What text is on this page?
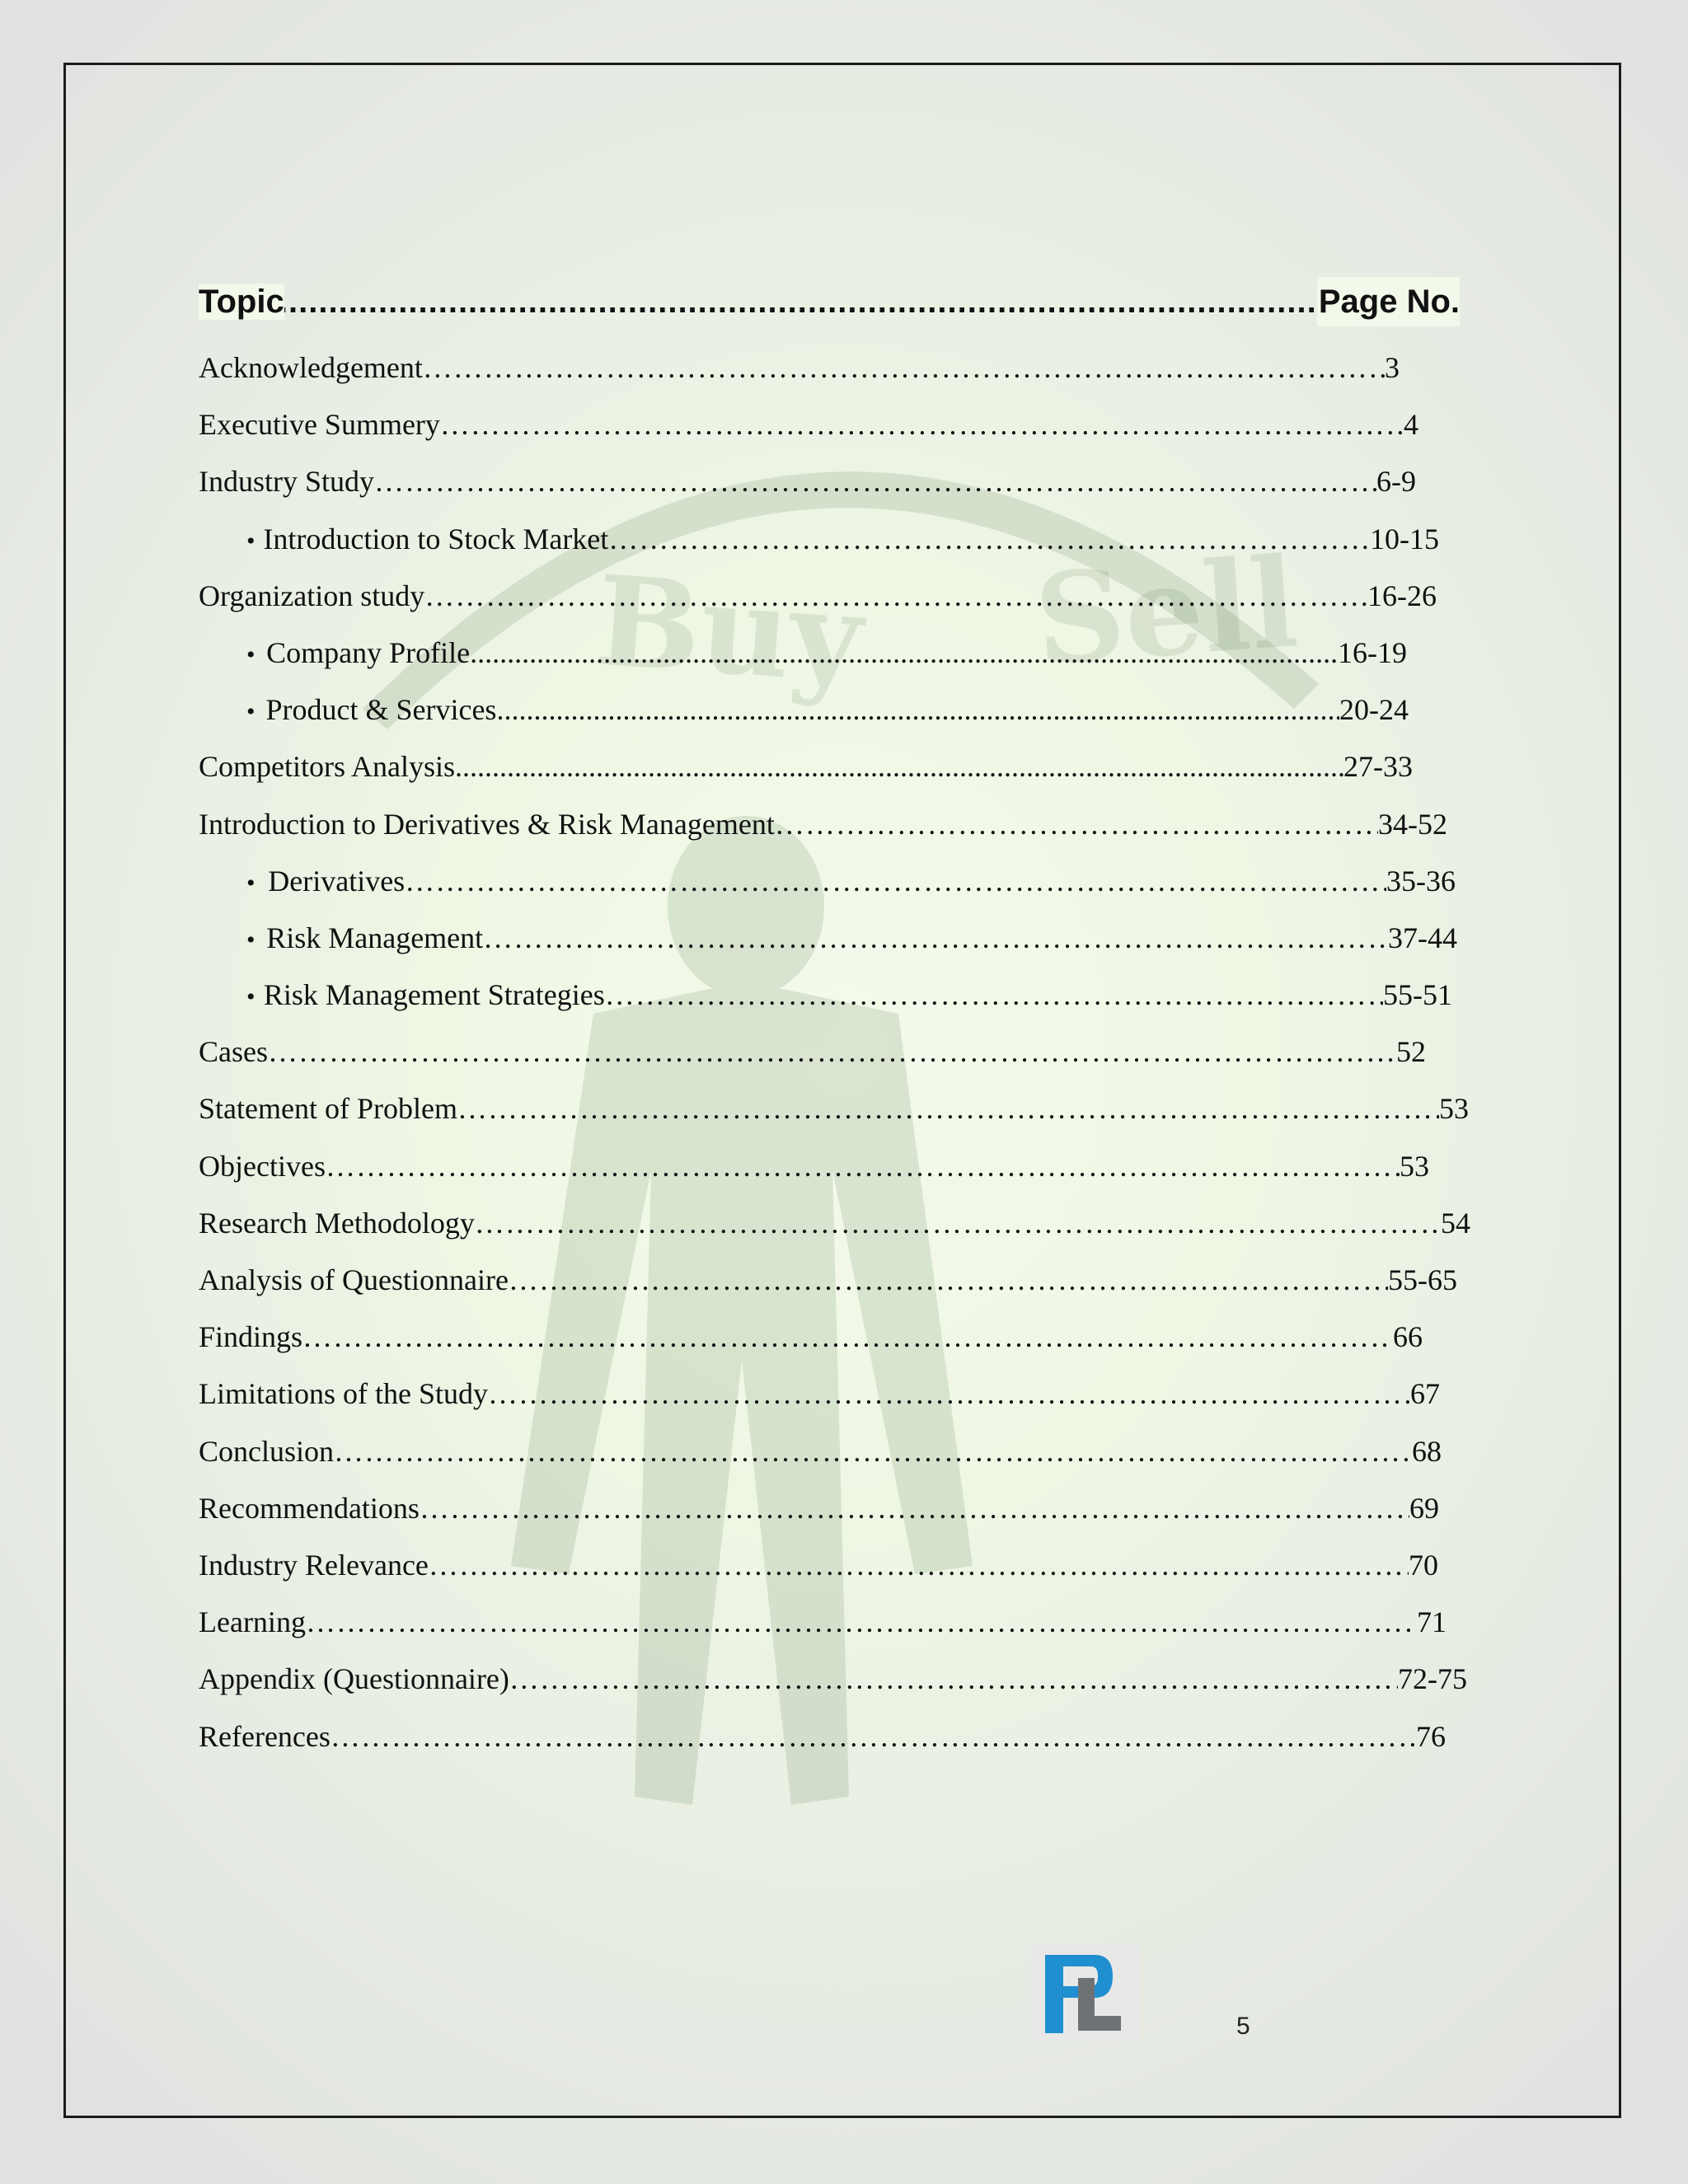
Buy Sell
.....
Topic	Page No.
Acknowledgement …………………………………………………………………………………………………………………………………………………………………………………………………………	3
Executive Summery …………………………………………………………………………………………………………………………………………………………………………………………………………	4
Industry Study …………………………………………………………………………………………………………………………………………………………………………………………………………	6-9
• Introduction to Stock Market …………………………………………………………………………………………………………………………………………………………………………………………………………	10-15
Organization study …………………………………………………………………………………………………………………………………………………………………………………………………………	16-26
• Company Profile .....	16-19
• Product & Services .....	20-24
Competitors Analysis .....	27-33
Introduction to Derivatives & Risk Management …………………………………………………………………………………………………………………………………………………………………………………………………………	34-52
• Derivatives …………………………………………………………………………………………………………………………………………………………………………………………………………	35-36
• Risk Management …………………………………………………………………………………………………………………………………………………………………………………………………………	37-44
• Risk Management Strategies …………………………………………………………………………………………………………………………………………………………………………………………………………	55-51
Cases …………………………………………………………………………………………………………………………………………………………………………………………………………	52
Statement of Problem …………………………………………………………………………………………………………………………………………………………………………………………………………	53
Objectives …………………………………………………………………………………………………………………………………………………………………………………………………………	53
Research Methodology …………………………………………………………………………………………………………………………………………………………………………………………………………	54
Analysis of Questionnaire …………………………………………………………………………………………………………………………………………………………………………………………………………	55-65
Findings …………………………………………………………………………………………………………………………………………………………………………………………………………	66
Limitations of the Study …………………………………………………………………………………………………………………………………………………………………………………………………………	67
Conclusion …………………………………………………………………………………………………………………………………………………………………………………………………………	68
Recommendations …………………………………………………………………………………………………………………………………………………………………………………………………………	69
Industry Relevance …………………………………………………………………………………………………………………………………………………………………………………………………………	70
Learning …………………………………………………………………………………………………………………………………………………………………………………………………………	71
Appendix (Questionnaire) …………………………………………………………………………………………………………………………………………………………………………………………………………	72-75
References …………………………………………………………………………………………………………………………………………………………………………………………………………	76
5
